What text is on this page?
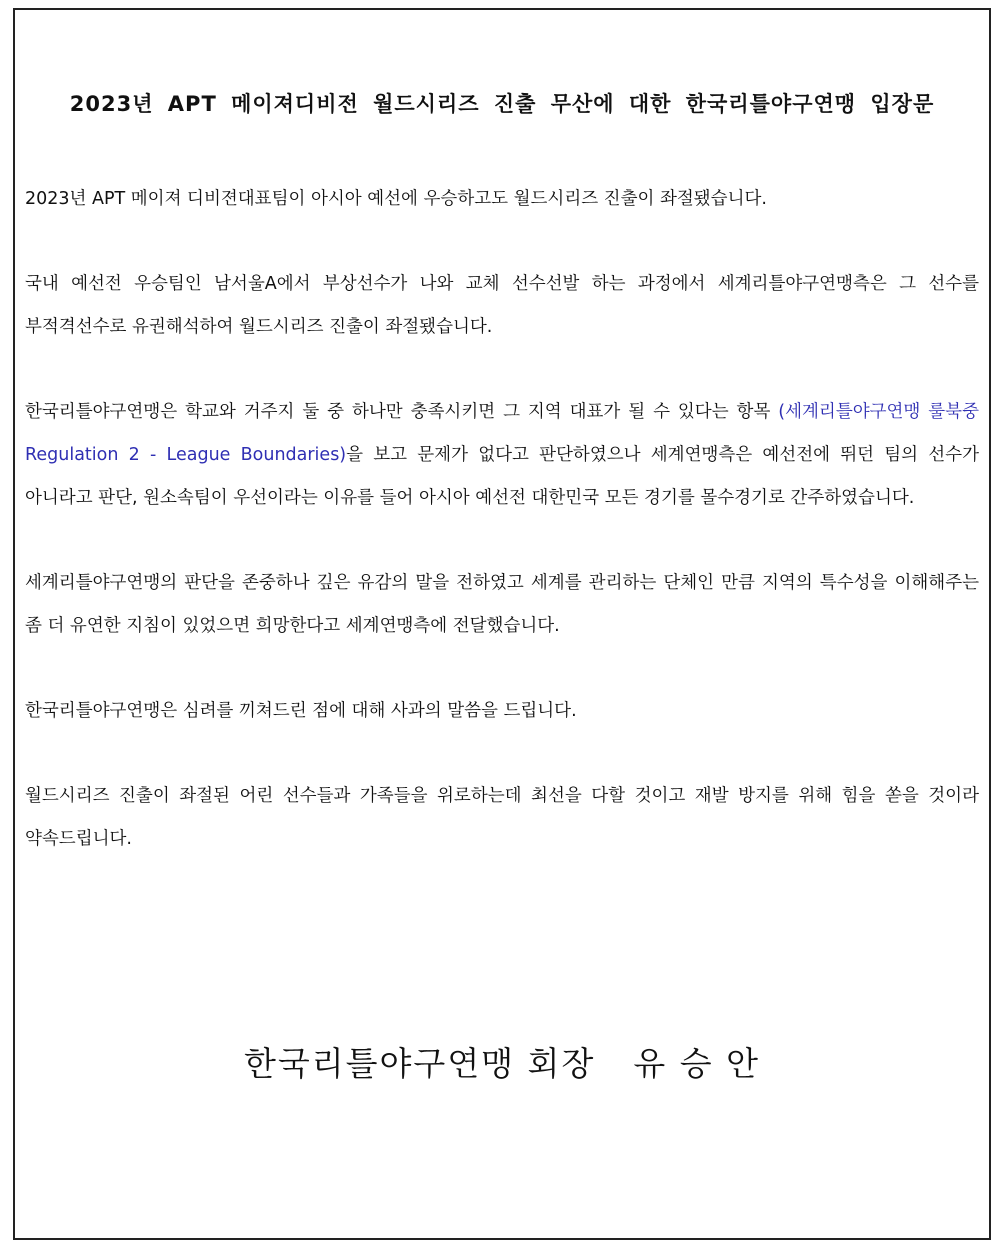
2023년 APT 메이져디비전 월드시리즈 진출 무산에 대한 한국리틀야구연맹 입장문

2023년 APT 메이져 디비젼대표팀이 아시아 예선에 우승하고도 월드시리즈 진출이 좌절됐습니다.

국내 예선전 우승팀인 남서울A에서 부상선수가 나와 교체 선수선발 하는 과정에서 세계리틀야구연맹측은 그 선수를 부적격선수로 유권해석하여 월드시리즈 진출이 좌절됐습니다.

한국리틀야구연맹은 학교와 거주지 둘 중 하나만 충족시키면 그 지역 대표가 될 수 있다는 항목 (세계리틀야구연맹 룰북중 Regulation 2 - League Boundaries)을 보고 문제가 없다고 판단하였으나 세계연맹측은 예선전에 뛰던 팀의 선수가 아니라고 판단, 원소속팀이 우선이라는 이유를 들어 아시아 예선전 대한민국 모든 경기를 몰수경기로 간주하였습니다.

세계리틀야구연맹의 판단을 존중하나 깊은 유감의 말을 전하였고 세계를 관리하는 단체인 만큼 지역의 특수성을 이해해주는 좀 더 유연한 지침이 있었으면 희망한다고 세계연맹측에 전달했습니다.

한국리틀야구연맹은 심려를 끼쳐드린 점에 대해 사과의 말씀을 드립니다.

월드시리즈 진출이 좌절된 어린 선수들과 가족들을 위로하는데 최선을 다할 것이고 재발 방지를 위해 힘을 쏟을 것이라 약속드립니다.

한국리틀야구연맹 회장 유 승 안
